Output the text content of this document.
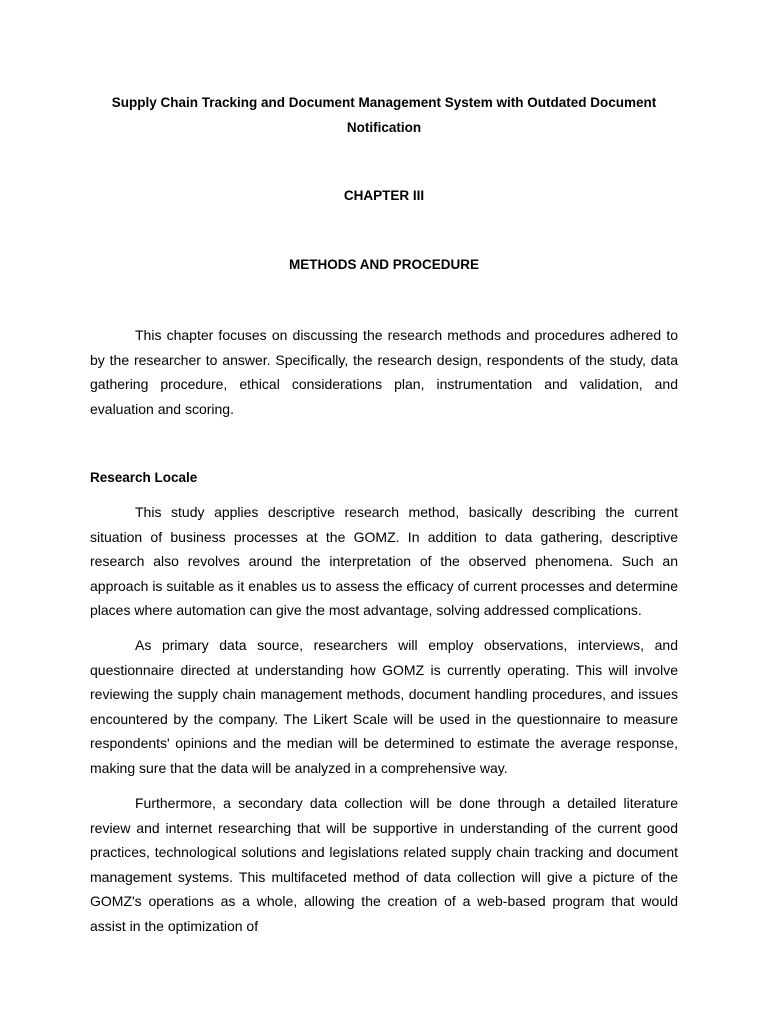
Supply Chain Tracking and Document Management System with Outdated Document Notification
CHAPTER III
METHODS AND PROCEDURE

This chapter focuses on discussing the research methods and procedures adhered to by the researcher to answer. Specifically, the research design, respondents of the study, data gathering procedure, ethical considerations plan, instrumentation and validation, and evaluation and scoring.

Research Locale

This study applies descriptive research method, basically describing the current situation of business processes at the GOMZ. In addition to data gathering, descriptive research also revolves around the interpretation of the observed phenomena. Such an approach is suitable as it enables us to assess the efficacy of current processes and determine places where automation can give the most advantage, solving addressed complications.

As primary data source, researchers will employ observations, interviews, and questionnaire directed at understanding how GOMZ is currently operating. This will involve reviewing the supply chain management methods, document handling procedures, and issues encountered by the company. The Likert Scale will be used in the questionnaire to measure respondents' opinions and the median will be determined to estimate the average response, making sure that the data will be analyzed in a comprehensive way.

Furthermore, a secondary data collection will be done through a detailed literature review and internet researching that will be supportive in understanding of the current good practices, technological solutions and legislations related supply chain tracking and document management systems. This multifaceted method of data collection will give a picture of the GOMZ's operations as a whole, allowing the creation of a web-based program that would assist in the optimization of
